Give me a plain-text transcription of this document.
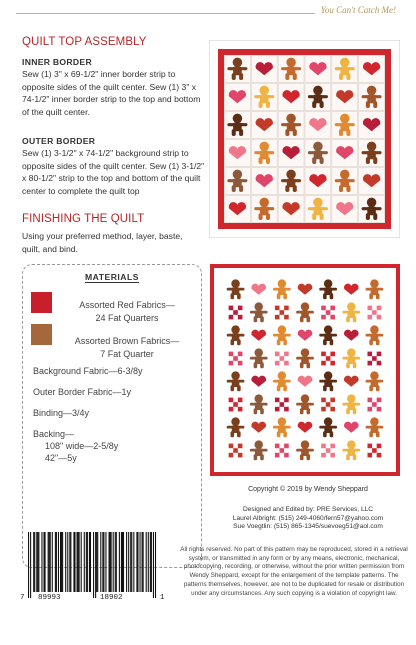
You Can't Catch Me!
QUILT TOP ASSEMBLY
INNER BORDER

Sew (1) 3" x 69-1/2" inner border strip to opposite sides of the quilt center. Sew (1) 3" x 74-1/2" inner border strip to the top and bottom of the quilt center.

OUTER BORDER

Sew (1) 3-1/2" x 74-1/2" background strip to opposite sides of the quilt center. Sew (1) 3-1/2" x 80-1/2" strip to the top and bottom of the quilt center to complete the quilt top

FINISHING THE QUILT

Using your preferred method, layer, baste, quilt, and bind.

MATERIALS
Assorted Red Fabrics—
24 Fat Quarters
Assorted Brown Fabrics—
7 Fat Quarter
Background Fabric—6-3/8y
Outer Border Fabric—1y
Binding—3/4y
Backing—
108" wide—2-5/8y
42"—5y
Copyright © 2019 by Wendy Sheppard
Designed and Edited by: PRE Services, LLC
Laurel Albright: (515) 249-4060/fern57@yahoo.com
Sue Voegtlin: (515) 865-1345/suevoeg51@aol.com

All rights reserved. No part of this pattern may be reproduced, stored in a retrieval system, or transmitted in any form or by any means, electronic, mechanical, photocopying, recording, or otherwise, without the prior written permission from Wendy Sheppard, except for the enlargement of the template patterns. The patterns themselves, however, are not to be duplicated for resale or distribution under any circumstances. Any such copying is a violation of copyright law.

7 89993	18902	1
